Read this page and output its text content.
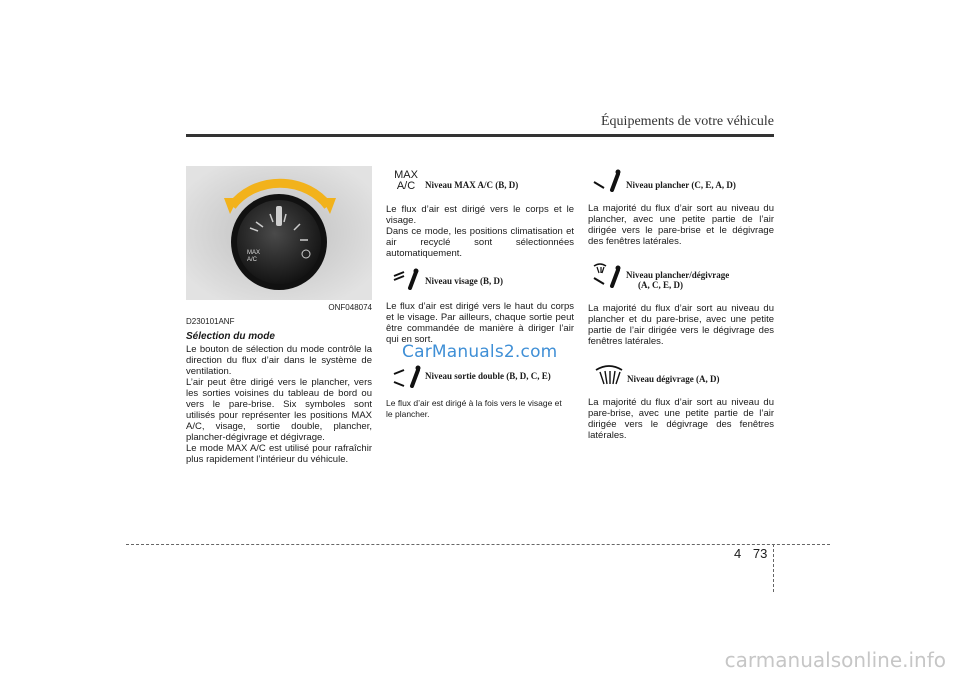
Équipements de votre véhicule
MAX
A/C
ONF048074
D230101ANF
Sélection du mode

Le bouton de sélection du mode contrôle la direction du flux d’air dans le système de ventilation.

L’air peut être dirigé vers le plancher, vers les sorties voisines du tableau de bord ou vers le pare-brise. Six symboles sont utilisés pour représenter les positions MAX A/C, visage, sortie double, plancher, plancher-dégivrage et dégivrage.

Le mode MAX A/C est utilisé pour rafraîchir plus rapidement l’intérieur du véhicule.

MAX
A/C	Niveau MAX A/C (B, D)

Le flux d’air est dirigé vers le corps et le visage.

Dans ce mode, les positions climatisation et air recyclé sont sélectionnées automatiquement.

Niveau visage (B, D)

Le flux d’air est dirigé vers le haut du corps et le visage. Par ailleurs, chaque sortie peut être commandée de manière à diriger l’air qui en sort.

Niveau sortie double (B, D, C, E)

Le flux d’air est dirigé à la fois vers le visage et le plancher.

Niveau plancher (C, E, A, D)

La majorité du flux d’air sort au niveau du plancher, avec une petite partie de l’air dirigée vers le pare-brise et le dégivrage des fenêtres latérales.

Niveau plancher/dégivrage
(A, C, E, D)

La majorité du flux d’air sort au niveau du plancher et du pare-brise, avec une petite partie de l’air dirigée vers le dégivrage des fenêtres latérales.

Niveau dégivrage (A, D)

La majorité du flux d’air sort au niveau du pare-brise, avec une petite partie de l’air dirigée vers le dégivrage des fenêtres latérales.

CarManuals2.com
4 73
carmanualsonline.info
